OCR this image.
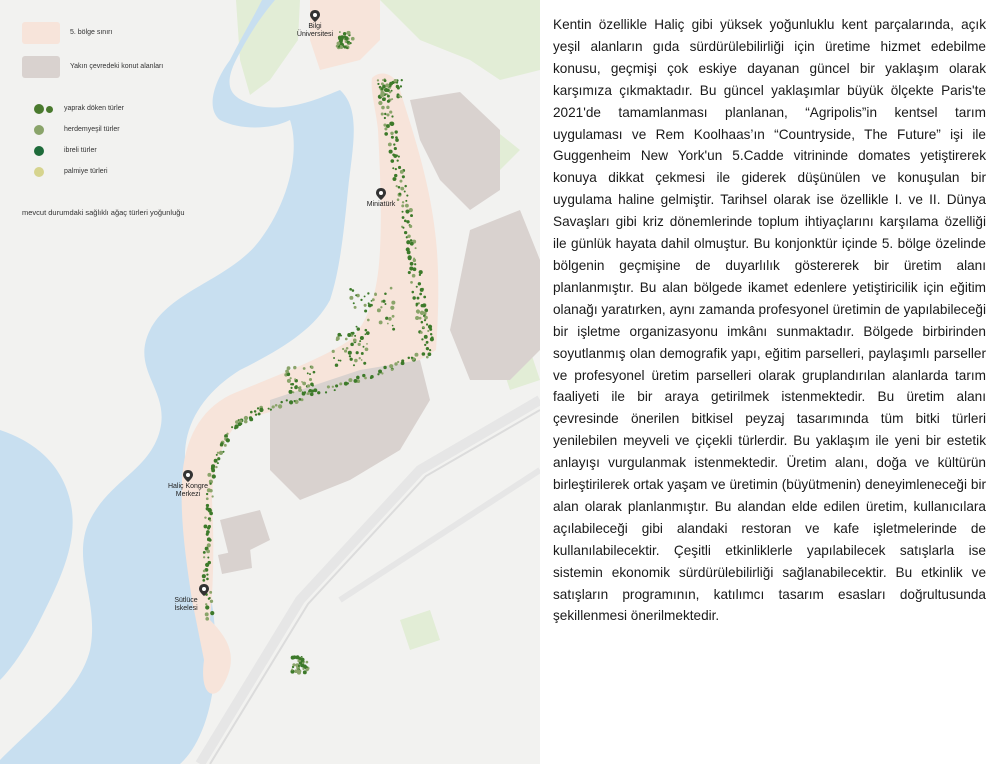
5. bölge sınırı
Yakın çevredeki konut alanları
yaprak döken türler
herdemyeşil türler
ibreli türler
palmiye türleri
mevcut durumdaki sağlıklı ağaç türleri yoğunluğu
Bilgi
Üniversitesi
Miniatürk
Haliç Kongre
Merkezi
Sütlüce
İskelesi
Kentin özellikle Haliç gibi yüksek yoğunluklu kent parçalarında, açık yeşil alanların gıda sürdürülebilirliği için üretime hizmet edebilme konusu, geçmişi çok eskiye dayanan güncel bir yaklaşım olarak karşımıza çıkmaktadır. Bu güncel yaklaşımlar büyük ölçekte Paris'te 2021'de tamamlanması planlanan, “Agripolis”in kentsel tarım uygulaması ve Rem Koolhaas’ın “Countryside, The Future” işi ile Guggenheim New York'un 5.Cadde vitrininde domates yetiştirerek konuya dikkat çekmesi ile giderek düşünülen ve konuşulan bir uygulama haline gelmiştir. Tarihsel olarak ise özellikle I. ve II. Dünya Savaşları gibi kriz dönemlerinde toplum ihtiyaçlarını karşılama özelliği ile günlük hayata dahil olmuştur. Bu konjonktür içinde 5. bölge özelinde bölgenin geçmişine de duyarlılık göstererek bir üretim alanı planlanmıştır. Bu alan bölgede ikamet edenlere yetiştiricilik için eğitim olanağı yaratırken, aynı zamanda profesyonel üretimin de yapılabileceği bir işletme organizasyonu imkânı sunmaktadır. Bölgede birbirinden soyutlanmış olan demografik yapı, eğitim parselleri, paylaşımlı parseller ve profesyonel üretim parselleri olarak gruplandırılan alanlarda tarım faaliyeti ile bir araya getirilmek istenmektedir. Bu üretim alanı çevresinde önerilen bitkisel peyzaj tasarımında tüm bitki türleri yenilebilen meyveli ve çiçekli türlerdir. Bu yaklaşım ile yeni bir estetik anlayışı vurgulanmak istenmektedir. Üretim alanı, doğa ve kültürün birleştirilerek ortak yaşam ve üretimin (büyütmenin) deneyimleneceği bir alan olarak planlanmıştır. Bu alandan elde edilen üretim, kullanıcılara açılabileceği gibi alandaki restoran ve kafe işletmelerinde de kullanılabilecektir. Çeşitli etkinliklerle yapılabilecek satışlarla ise sistemin ekonomik sürdürülebilirliği sağlanabilecektir. Bu etkinlik ve satışların programının, katılımcı tasarım esasları doğrultusunda şekillenmesi önerilmektedir.
